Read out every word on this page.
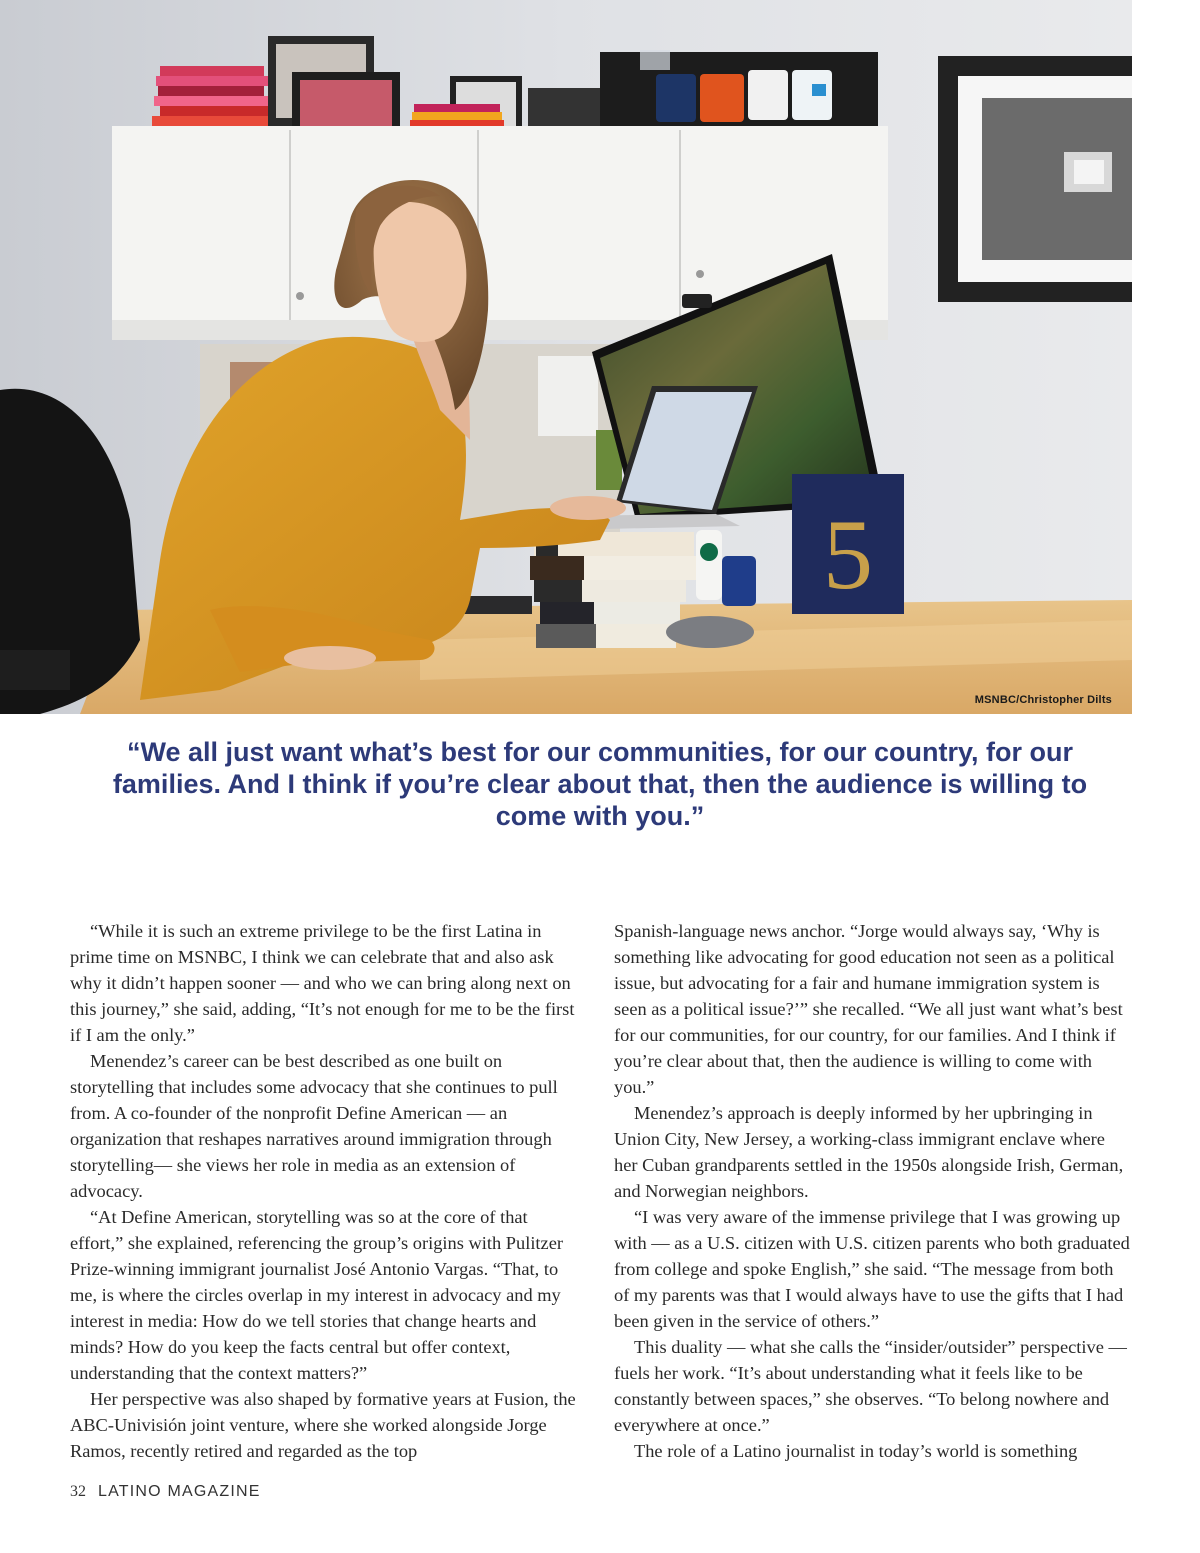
5
MSNBC/Christopher Dilts
“We all just want what’s best for our communities, for our country, for our families. And I think if you’re clear about that, then the audience is willing to come with you.”

“While it is such an extreme privilege to be the first Latina in prime time on MSNBC, I think we can celebrate that and also ask why it didn’t happen sooner — and who we can bring along next on this journey,” she said, adding, “It’s not enough for me to be the first if I am the only.”

Menendez’s career can be best described as one built on storytelling that includes some advocacy that she continues to pull from. A co-founder of the nonprofit Define American — an organization that reshapes narratives around immigration through storytelling— she views her role in media as an extension of advocacy.

“At Define American, storytelling was so at the core of that effort,” she explained, referencing the group’s origins with Pulitzer Prize-winning immigrant journalist José Antonio Vargas. “That, to me, is where the circles overlap in my interest in advocacy and my interest in media: How do we tell stories that change hearts and minds? How do you keep the facts central but offer context, understanding that the context matters?”

Her perspective was also shaped by formative years at Fusion, the ABC-Univisión joint venture, where she worked alongside Jorge Ramos, recently retired and regarded as the top

Spanish-language news anchor. “Jorge would always say, ‘Why is something like advocating for good education not seen as a political issue, but advocating for a fair and humane immigration system is seen as a political issue?’” she recalled. “We all just want what’s best for our communities, for our country, for our families. And I think if you’re clear about that, then the audience is willing to come with you.”

Menendez’s approach is deeply informed by her upbringing in Union City, New Jersey, a working-class immigrant enclave where her Cuban grandparents settled in the 1950s alongside Irish, German, and Norwegian neighbors.

“I was very aware of the immense privilege that I was growing up with — as a U.S. citizen with U.S. citizen parents who both graduated from college and spoke English,” she said. “The message from both of my parents was that I would always have to use the gifts that I had been given in the service of others.”

This duality — what she calls the “insider/outsider” perspective — fuels her work. “It’s about understanding what it feels like to be constantly between spaces,” she observes. “To belong nowhere and everywhere at once.”

The role of a Latino journalist in today’s world is something

32 LATINO MAGAZINE
